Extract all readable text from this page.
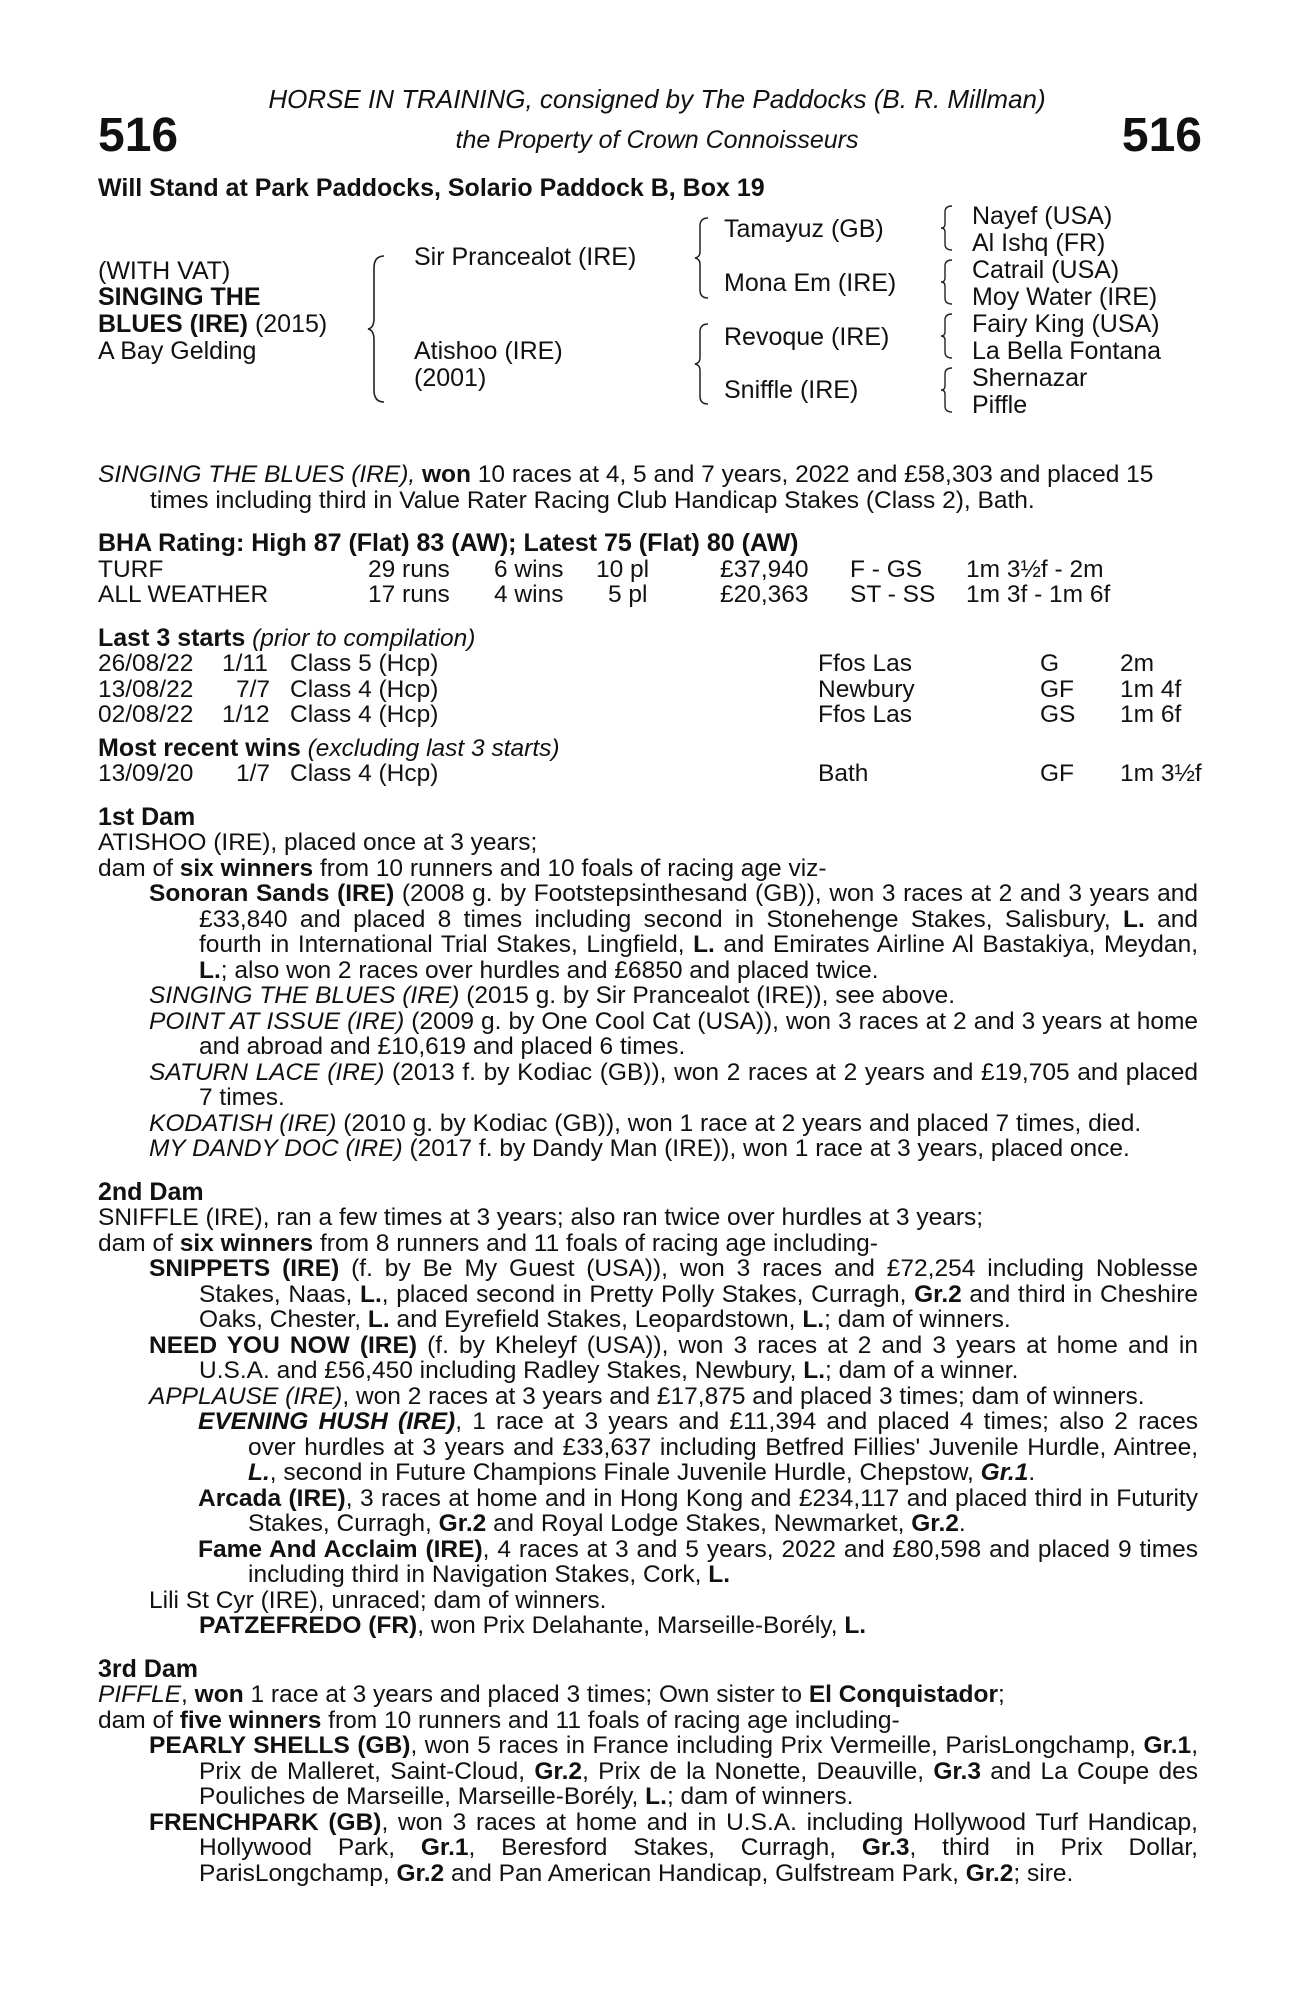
516	516
HORSE IN TRAINING, consigned by The Paddocks (B. R. Millman)
the Property of Crown Connoisseurs
Will Stand at Park Paddocks, Solario Paddock B, Box 19
(WITH VAT)
SINGING THE
BLUES (IRE) (2015)
A Bay Gelding
Sir Prancealot (IRE)
Atishoo (IRE)
(2001)
Tamayuz (GB)
Mona Em (IRE)
Revoque (IRE)
Sniffle (IRE)
Nayef (USA)
Al Ishq (FR)
Catrail (USA)
Moy Water (IRE)
Fairy King (USA)
La Bella Fontana
Shernazar
Piffle

SINGING THE BLUES (IRE), won 10 races at 4, 5 and 7 years, 2022 and £58,303 and placed 15

times including third in Value Rater Racing Club Handicap Stakes (Class 2), Bath.

BHA Rating: High 87 (Flat) 83 (AW); Latest 75 (Flat) 80 (AW)

TURF	29 runs 6 wins 10 pl	£37,940 F - GS 1m 3½f - 2m
ALL WEATHER	17 runs 4 wins 5 pl	£20,363 ST - SS 1m 3f - 1m 6f

Last 3 starts (prior to compilation)

26/08/22 1/11 Class 5 (Hcp)	Ffos Las	G 2m
13/08/22 7/7 Class 4 (Hcp)	Newbury	GF 1m 4f
02/08/22 1/12 Class 4 (Hcp)	Ffos Las	GS 1m 6f

Most recent wins (excluding last 3 starts)

13/09/20 1/7 Class 4 (Hcp)	Bath	GF 1m 3½f

1st Dam

ATISHOO (IRE), placed once at 3 years;

dam of six winners from 10 runners and 10 foals of racing age viz-

Sonoran Sands (IRE) (2008 g. by Footstepsinthesand (GB)), won 3 races at 2 and 3 years and £33,840 and placed 8 times including second in Stonehenge Stakes, Salisbury, L. and fourth in International Trial Stakes, Lingfield, L. and Emirates Airline Al Bastakiya, Meydan, L.; also won 2 races over hurdles and £6850 and placed twice.

SINGING THE BLUES (IRE) (2015 g. by Sir Prancealot (IRE)), see above.

POINT AT ISSUE (IRE) (2009 g. by One Cool Cat (USA)), won 3 races at 2 and 3 years at home and abroad and £10,619 and placed 6 times.

SATURN LACE (IRE) (2013 f. by Kodiac (GB)), won 2 races at 2 years and £19,705 and placed 7 times.

KODATISH (IRE) (2010 g. by Kodiac (GB)), won 1 race at 2 years and placed 7 times, died.

MY DANDY DOC (IRE) (2017 f. by Dandy Man (IRE)), won 1 race at 3 years, placed once.

2nd Dam

SNIFFLE (IRE), ran a few times at 3 years; also ran twice over hurdles at 3 years;

dam of six winners from 8 runners and 11 foals of racing age including-

SNIPPETS (IRE) (f. by Be My Guest (USA)), won 3 races and £72,254 including Noblesse Stakes, Naas, L., placed second in Pretty Polly Stakes, Curragh, Gr.2 and third in Cheshire Oaks, Chester, L. and Eyrefield Stakes, Leopardstown, L.; dam of winners.

NEED YOU NOW (IRE) (f. by Kheleyf (USA)), won 3 races at 2 and 3 years at home and in U.S.A. and £56,450 including Radley Stakes, Newbury, L.; dam of a winner.

APPLAUSE (IRE), won 2 races at 3 years and £17,875 and placed 3 times; dam of winners.

EVENING HUSH (IRE), 1 race at 3 years and £11,394 and placed 4 times; also 2 races over hurdles at 3 years and £33,637 including Betfred Fillies' Juvenile Hurdle, Aintree, L., second in Future Champions Finale Juvenile Hurdle, Chepstow, Gr.1.

Arcada (IRE), 3 races at home and in Hong Kong and £234,117 and placed third in Futurity Stakes, Curragh, Gr.2 and Royal Lodge Stakes, Newmarket, Gr.2.

Fame And Acclaim (IRE), 4 races at 3 and 5 years, 2022 and £80,598 and placed 9 times including third in Navigation Stakes, Cork, L.

Lili St Cyr (IRE), unraced; dam of winners.

PATZEFREDO (FR), won Prix Delahante, Marseille-Borély, L.

3rd Dam

PIFFLE, won 1 race at 3 years and placed 3 times; Own sister to El Conquistador;

dam of five winners from 10 runners and 11 foals of racing age including-

PEARLY SHELLS (GB), won 5 races in France including Prix Vermeille, ParisLongchamp, Gr.1, Prix de Malleret, Saint-Cloud, Gr.2, Prix de la Nonette, Deauville, Gr.3 and La Coupe des Pouliches de Marseille, Marseille-Borély, L.; dam of winners.

FRENCHPARK (GB), won 3 races at home and in U.S.A. including Hollywood Turf Handicap, Hollywood Park, Gr.1, Beresford Stakes, Curragh, Gr.3, third in Prix Dollar, ParisLongchamp, Gr.2 and Pan American Handicap, Gulfstream Park, Gr.2; sire.
